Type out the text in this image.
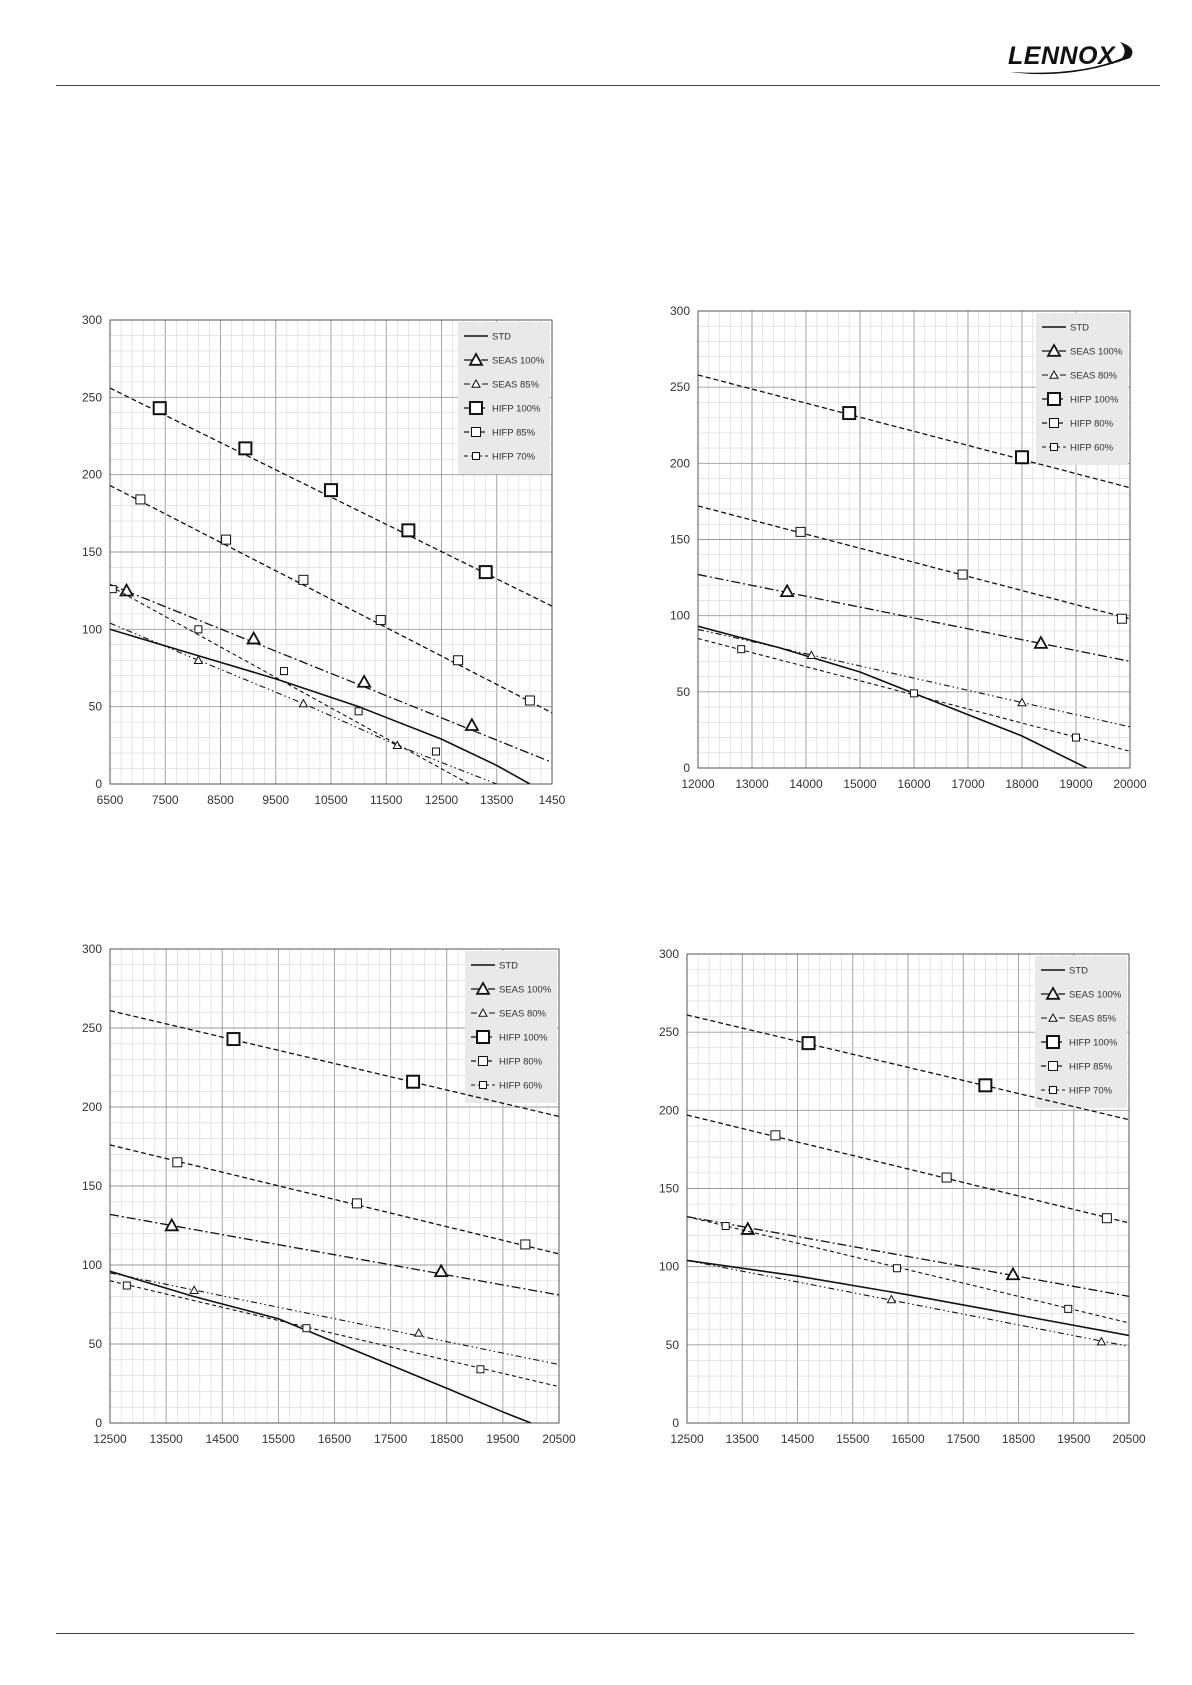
LENNOX
6500 7500 8500 9500 10500 11500 12500 13500 1450
0
50
100
150
200
250
300
STD
SEAS 100%
SEAS 85%
HIFP 100%
HIFP 85%
HIFP 70%
12000 13000 14000 15000 16000 17000 18000 19000 20000
0
50
100
150
200
250
300
STD
SEAS 100%
SEAS 80%
HIFP 100%
HIFP 80%
HIFP 60%
12500 13500 14500 15500 16500 17500 18500 19500 20500
0
50
100
150
200
250
300
STD
SEAS 100%
SEAS 80%
HIFP 100%
HIFP 80%
HIFP 60%
12500 13500 14500 15500 16500 17500 18500 19500 20500
0
50
100
150
200
250
300
STD
SEAS 100%
SEAS 85%
HIFP 100%
HIFP 85%
HIFP 70%
